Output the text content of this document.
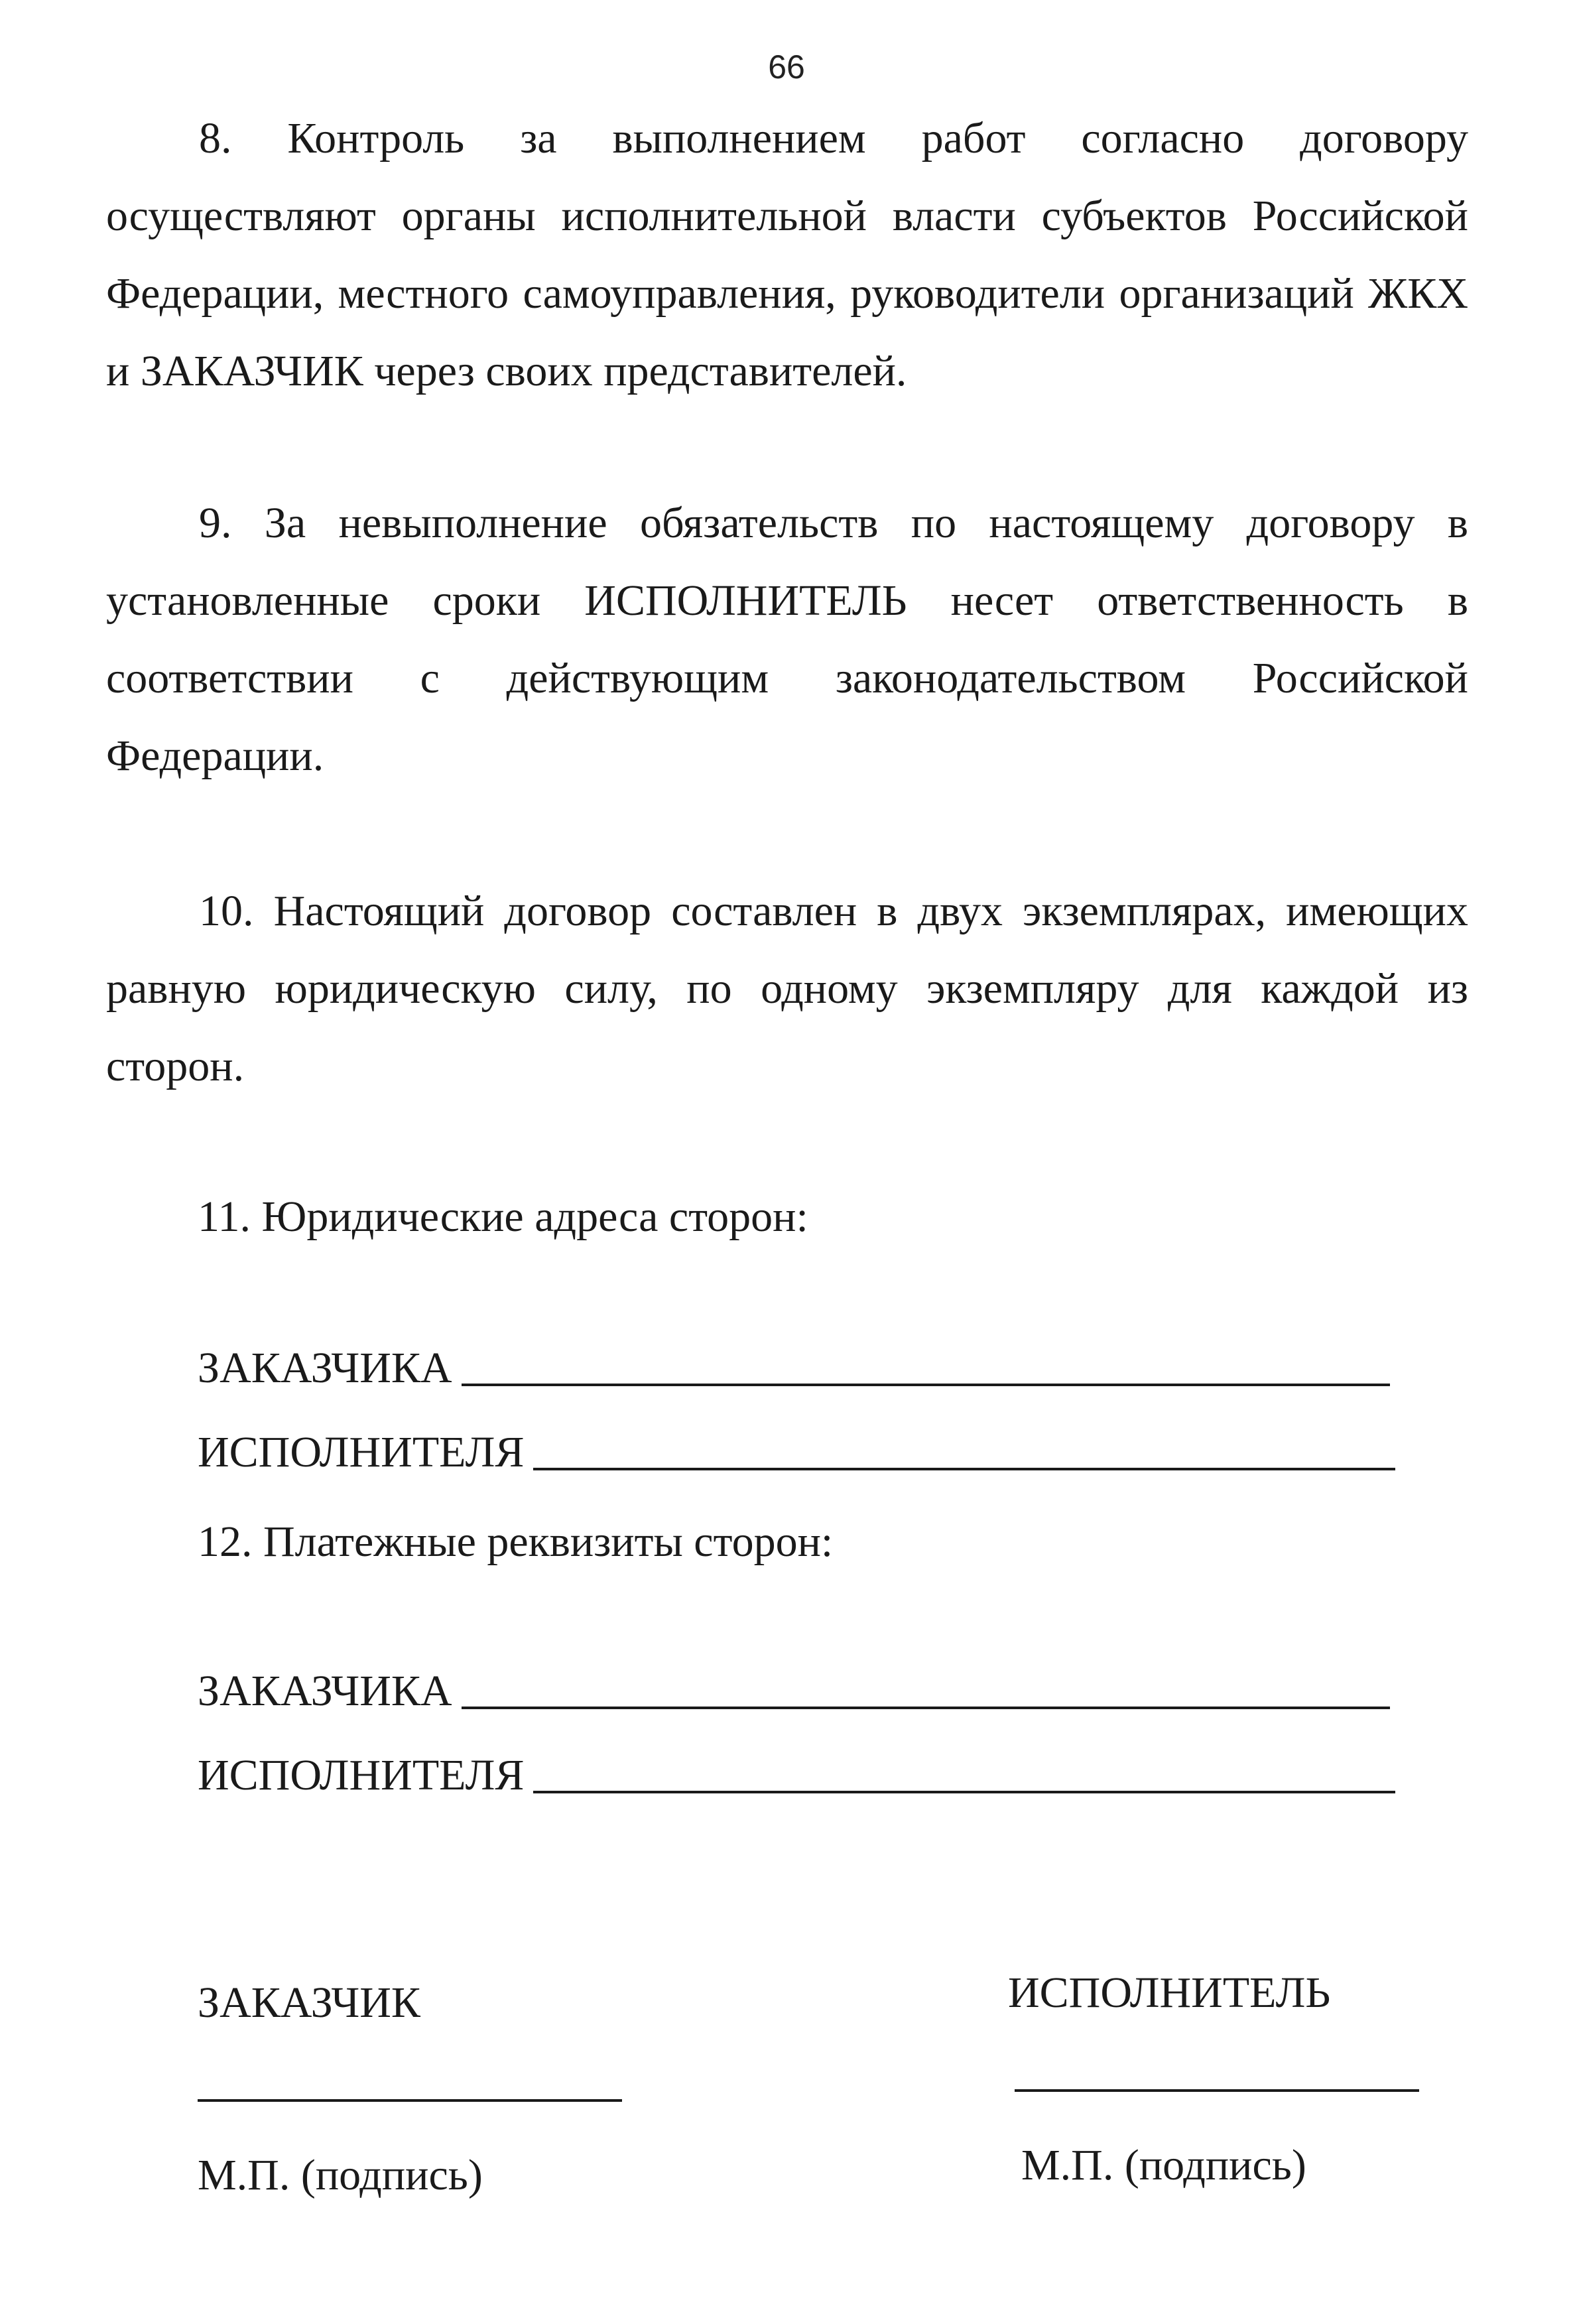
66

8. Контроль за выполнением работ согласно договору осуществляют органы исполнительной власти субъектов Российской Федерации, местного самоуправления, руководители организаций ЖКХ и ЗАКАЗЧИК через своих представителей.

9. За невыполнение обязательств по настоящему договору в установленные сроки ИСПОЛНИТЕЛЬ несет ответственность в соответствии с действующим законодательством Российской Федерации.

10. Настоящий договор составлен в двух экземплярах, имеющих равную юридическую силу, по одному экземпляру для каждой из сторон.

11. Юридические адреса сторон:

ЗАКАЗЧИКА
ИСПОЛНИТЕЛЯ

12. Платежные реквизиты сторон:

ЗАКАЗЧИКА
ИСПОЛНИТЕЛЯ
ЗАКАЗЧИК
М.П. (подпись)
ИСПОЛНИТЕЛЬ
М.П. (подпись)
